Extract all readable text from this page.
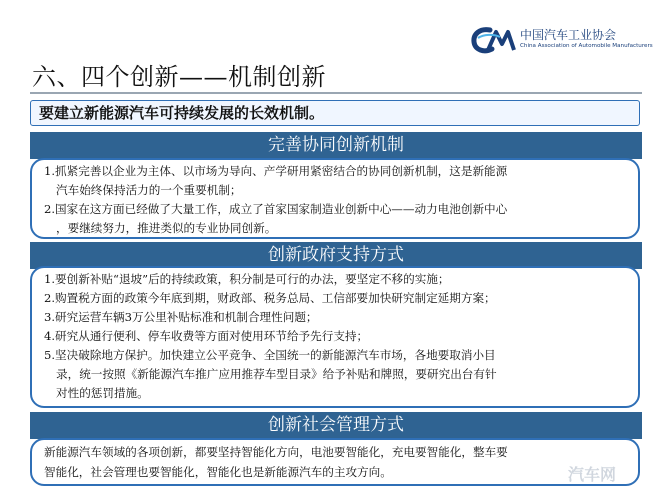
中国汽车工业协会
China Association of Automobile Manufacturers
六、四个创新——机制创新
要建立新能源汽车可持续发展的长效机制。
完善协同创新机制

1.抓紧完善以企业为主体、以市场为导向、产学研用紧密结合的协同创新机制，这是新能源

汽车始终保持活力的一个重要机制；

2.国家在这方面已经做了大量工作，成立了首家国家制造业创新中心——动力电池创新中心

，要继续努力，推进类似的专业协同创新。

创新政府支持方式

1.要创新补贴“退坡”后的持续政策，积分制是可行的办法，要坚定不移的实施；

2.购置税方面的政策今年底到期，财政部、税务总局、工信部要加快研究制定延期方案；

3.研究运营车辆3万公里补贴标准和机制合理性问题；

4.研究从通行便利、停车收费等方面对使用环节给予先行支持；

5.坚决破除地方保护。加快建立公平竞争、全国统一的新能源汽车市场，各地要取消小目

录，统一按照《新能源汽车推广应用推荐车型目录》给予补贴和牌照，要研究出台有针

对性的惩罚措施。

创新社会管理方式

新能源汽车领域的各项创新，都要坚持智能化方向，电池要智能化，充电要智能化，整车要

智能化，社会管理也要智能化，智能化也是新能源汽车的主攻方向。	汽车网
